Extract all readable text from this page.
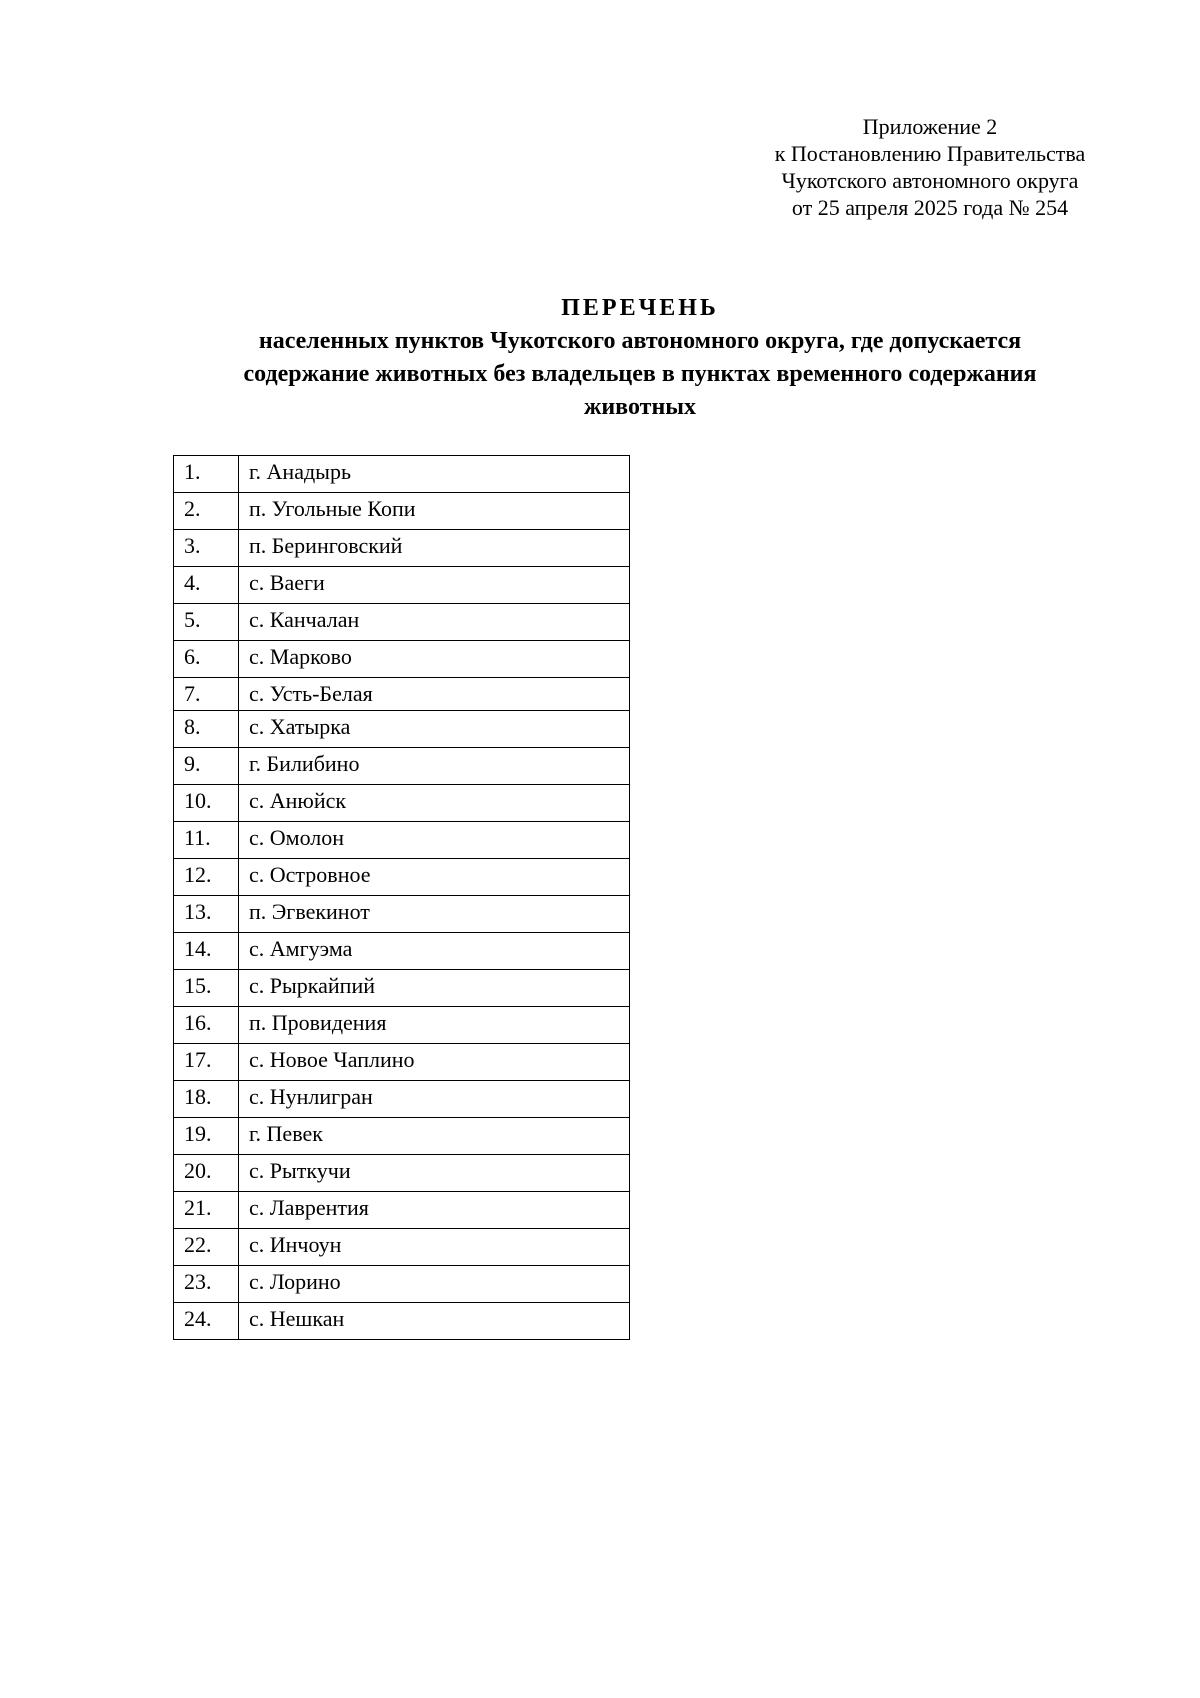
Приложение 2
к Постановлению Правительства
Чукотского автономного округа
от 25 апреля 2025 года № 254
ПЕРЕЧЕНЬ
населенных пунктов Чукотского автономного округа, где допускается
содержание животных без владельцев в пунктах временного содержания
животных
1.	г. Анадырь
2.	п. Угольные Копи
3.	п. Беринговский
4.	с. Ваеги
5.	с. Канчалан
6.	с. Марково
7.	с. Усть-Белая
8.	с. Хатырка
9.	г. Билибино
10.	с. Анюйск
11.	с. Омолон
12.	с. Островное
13.	п. Эгвекинот
14.	с. Амгуэма
15.	с. Рыркайпий
16.	п. Провидения
17.	с. Новое Чаплино
18.	с. Нунлигран
19.	г. Певек
20.	с. Рыткучи
21.	с. Лаврентия
22.	с. Инчоун
23.	с. Лорино
24.	с. Нешкан
